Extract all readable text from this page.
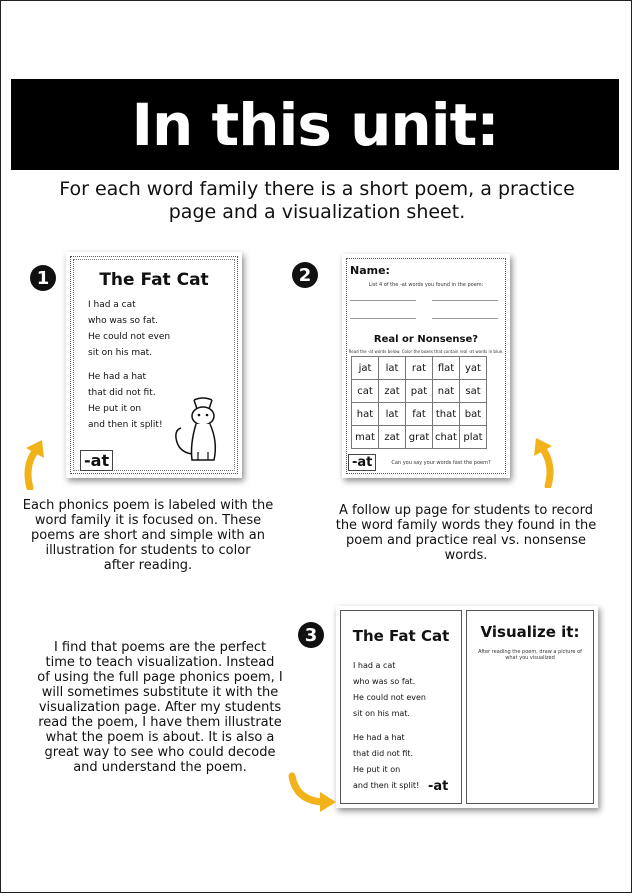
In this unit:
For each word family there is a short poem, a practice
page and a visualization sheet.
1	The Fat Cat
I had a cat
who was so fat.
He could not even
sit on his mat.
He had a hat
that did not fit.
He put it on
and then it split!
-at
Each phonics poem is labeled with the
word family it is focused on. These
poems are short and simple with an
illustration for students to color
after reading.
2	Name:
List 4 of the -at words you found in the poem:
Real or Nonsense?
Read the -at words below. Color the boxes that contain real -at words in blue.
jat	lat	rat	flat	yat
cat	zat	pat	nat	sat
hat	lat	fat	that	bat
mat	zat	grat	chat	plat
-at	Can you say your words fast the poem?
A follow up page for students to record
the word family words they found in the
poem and practice real vs. nonsense
words.
I find that poems are the perfect
time to teach visualization. Instead
of using the full page phonics poem, I
will sometimes substitute it with the
visualization page. After my students
read the poem, I have them illustrate
what the poem is about. It is also a
great way to see who could decode
and understand the poem.
3	The Fat Cat
I had a cat
who was so fat.
He could not even
sit on his mat.
He had a hat
that did not fit.
He put it on
and then it split! -at
Visualize it:
After reading the poem, draw a picture of
what you visualized
